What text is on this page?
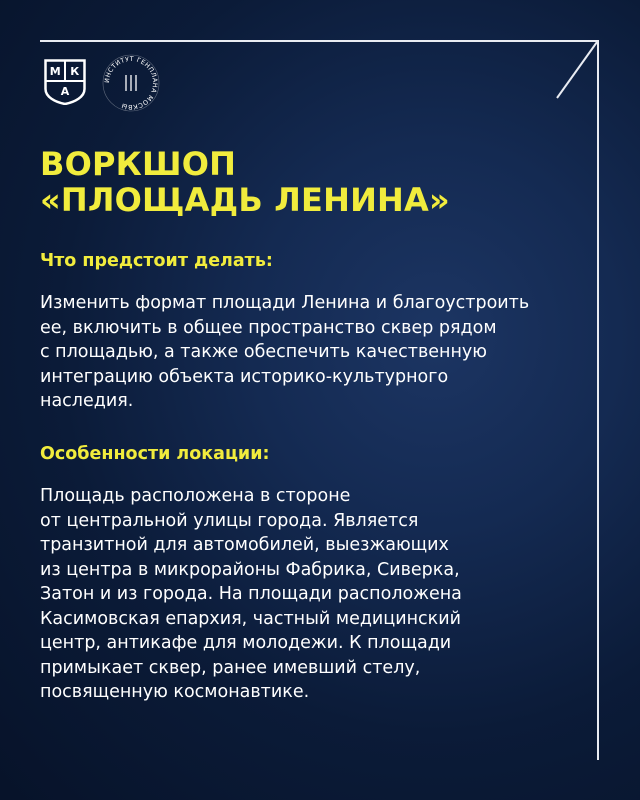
М К
А
ИНСТИТУТ ГЕНПЛАНА МОСКВЫ
ВОРКШОП
«ПЛОЩАДЬ ЛЕНИНА»
Что предстоит делать:

Изменить формат площади Ленина и благоустроить
ее, включить в общее пространство сквер рядом
с площадью, а также обеспечить качественную
интеграцию объекта историко-культурного
наследия.

Особенности локации:

Площадь расположена в стороне
от центральной улицы города. Является
транзитной для автомобилей, выезжающих
из центра в микрорайоны Фабрика, Сиверка,
Затон и из города. На площади расположена
Касимовская епархия, частный медицинский
центр, антикафе для молодежи. К площади
примыкает сквер, ранее имевший стелу,
посвященную космонавтике.
